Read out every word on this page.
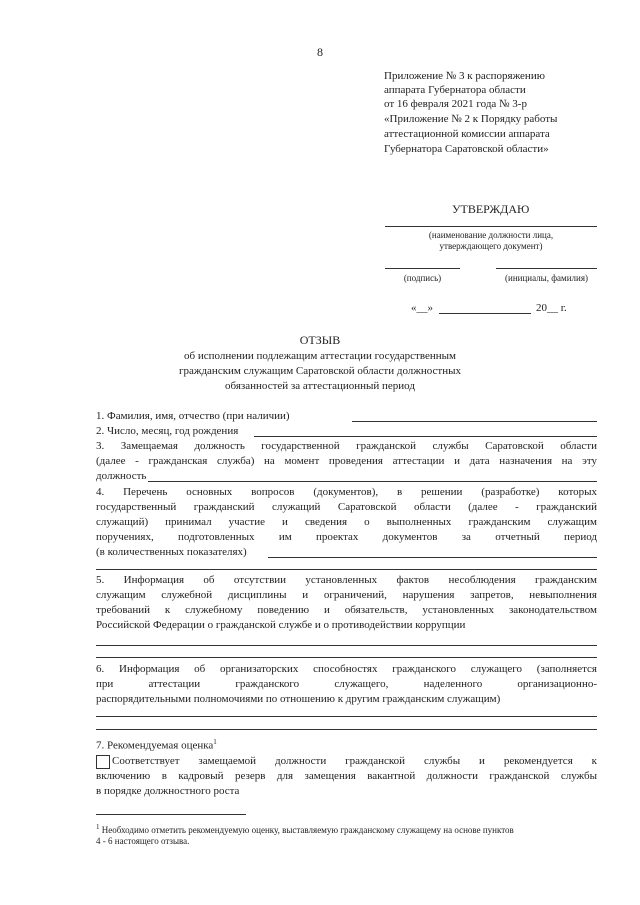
8
Приложение № 3 к распоряжению
аппарата Губернатора области
от 16 февраля 2021 года № 3-р
«Приложение № 2 к Порядку работы
аттестационной комиссии аппарата
Губернатора Саратовской области»
УТВЕРЖДАЮ
(наименование должности лица,
утверждающего документ)
(подпись)	(инициалы, фамилия)
«__»	20__ г.
ОТЗЫВ
об исполнении подлежащим аттестации государственным
гражданским служащим Саратовской области должностных
обязанностей за аттестационный период
1. Фамилия, имя, отчество (при наличии)
2. Число, месяц, год рождения
3. Замещаемая должность государственной гражданской службы Саратовской области
(далее - гражданская служба) на момент проведения аттестации и дата назначения на эту
должность
4. Перечень основных вопросов (документов), в решении (разработке) которых
государственный гражданский служащий Саратовской области (далее - гражданский
служащий) принимал участие и сведения о выполненных гражданским служащим
поручениях, подготовленных им проектах документов за отчетный период
(в количественных показателях)
5. Информация об отсутствии установленных фактов несоблюдения гражданским
служащим служебной дисциплины и ограничений, нарушения запретов, невыполнения
требований к служебному поведению и обязательств, установленных законодательством
Российской Федерации о гражданской службе и о противодействии коррупции
6. Информация об организаторских способностях гражданского служащего (заполняется
при аттестации гражданского служащего, наделенного организационно-
распорядительными полномочиями по отношению к другим гражданским служащим)
7. Рекомендуемая оценка$^1$
Соответствует замещаемой должности гражданской службы и рекомендуется к
включению в кадровый резерв для замещения вакантной должности гражданской службы
в порядке должностного роста
$^1$ Необходимо отметить рекомендуемую оценку, выставляемую гражданскому служащему на основе пунктов
4 - 6 настоящего отзыва.
